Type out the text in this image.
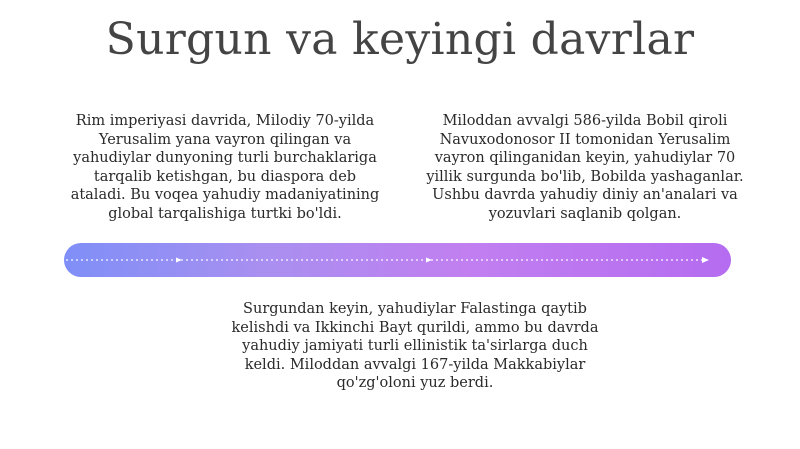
Surgun va keyingi davrlar
Rim imperiyasi davrida, Milodiy 70-yilda Yerusalim yana vayron qilingan va yahudiylar dunyoning turli burchaklariga tarqalib ketishgan, bu diaspora deb ataladi. Bu voqea yahudiy madaniyatining global tarqalishiga turtki bo'ldi.
Miloddan avvalgi 586-yilda Bobil qiroli Navuxodonosor II tomonidan Yerusalim vayron qilinganidan keyin, yahudiylar 70 yillik surgunda bo'lib, Bobilda yashaganlar. Ushbu davrda yahudiy diniy an'analari va yozuvlari saqlanib qolgan.
Surgundan keyin, yahudiylar Falastinga qaytib kelishdi va Ikkinchi Bayt qurildi, ammo bu davrda yahudiy jamiyati turli ellinistik ta'sirlarga duch keldi. Miloddan avvalgi 167-yilda Makkabiylar qo'zg'oloni yuz berdi.
